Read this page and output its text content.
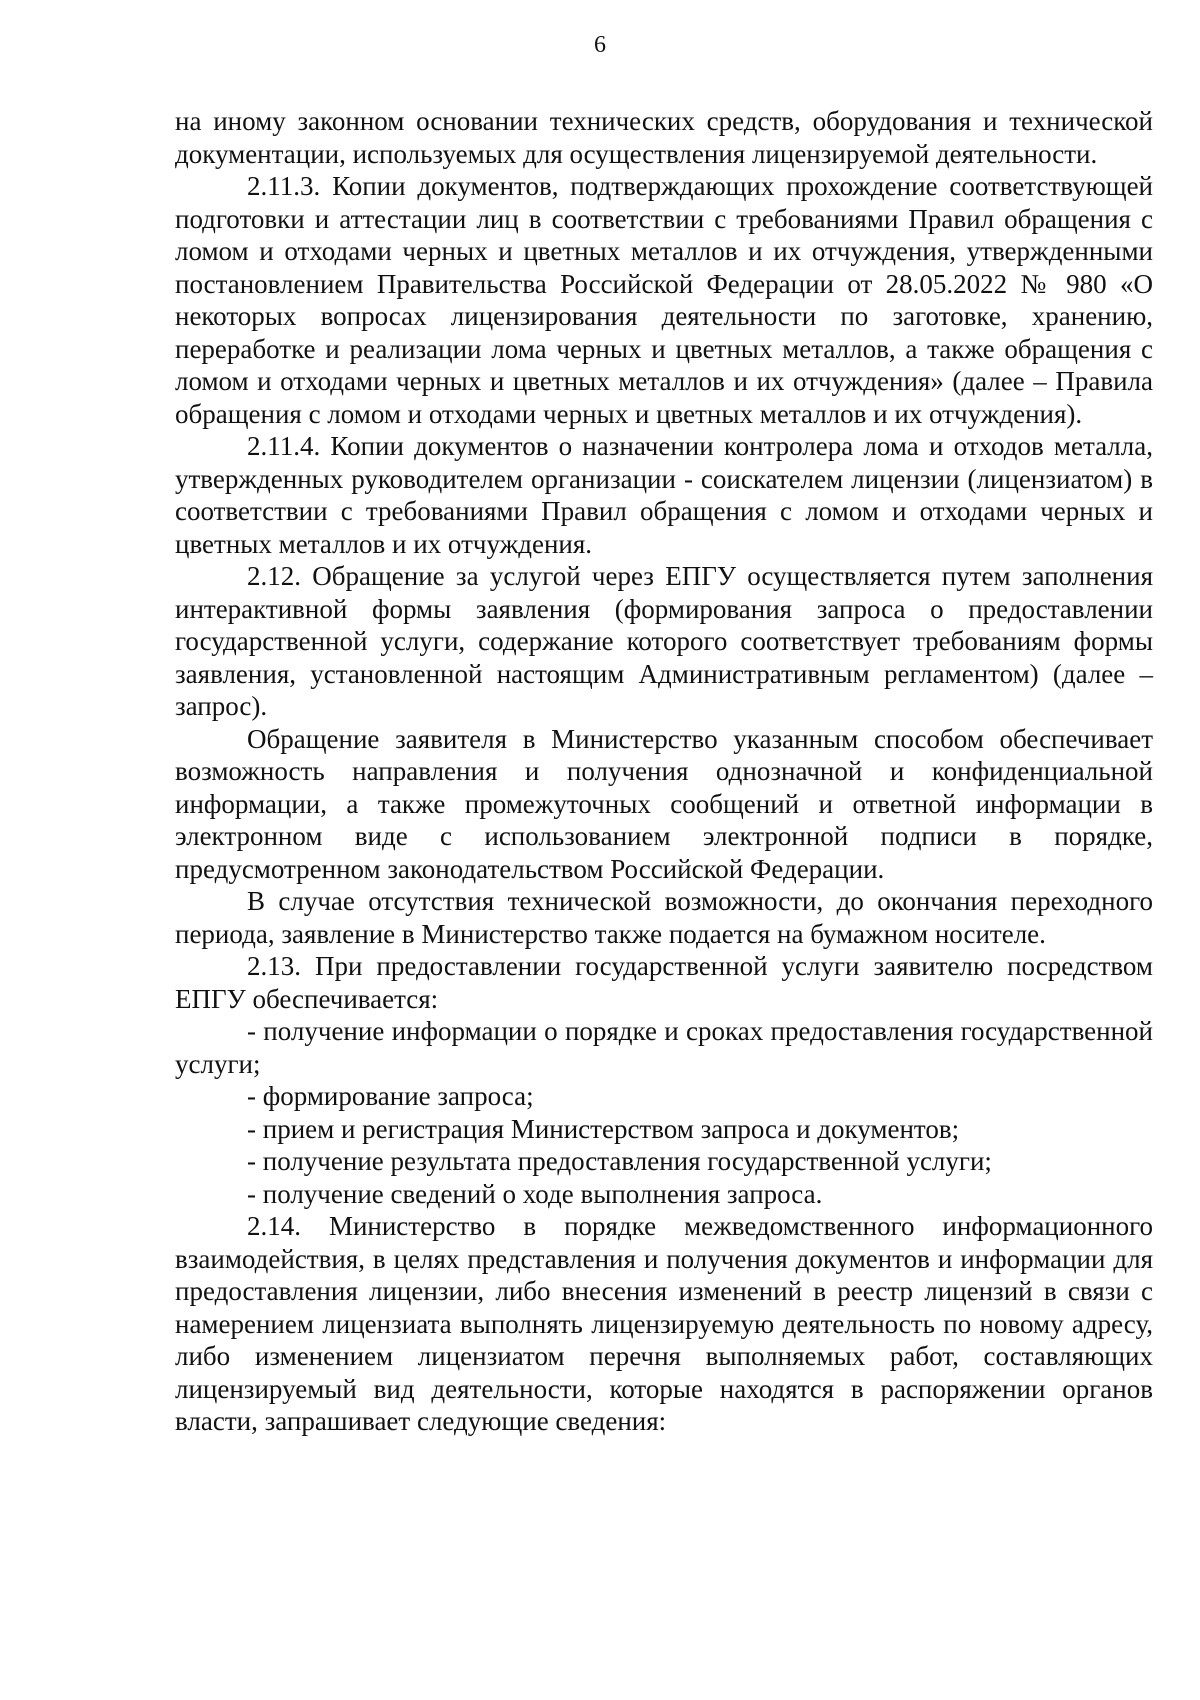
6

на иному законном основании технических средств, оборудования и технической документации, используемых для осуществления лицензируемой деятельности.

2.11.3. Копии документов, подтверждающих прохождение соответствующей подготовки и аттестации лиц в соответствии с требованиями Правил обращения с ломом и отходами черных и цветных металлов и их отчуждения, утвержденными постановлением Правительства Российской Федерации от 28.05.2022 № 980 «О некоторых вопросах лицензирования деятельности по заготовке, хранению, переработке и реализации лома черных и цветных металлов, а также обращения с ломом и отходами черных и цветных металлов и их отчуждения» (далее – Правила обращения с ломом и отходами черных и цветных металлов и их отчуждения).

2.11.4. Копии документов о назначении контролера лома и отходов металла, утвержденных руководителем организации - соискателем лицензии (лицензиатом) в соответствии с требованиями Правил обращения с ломом и отходами черных и цветных металлов и их отчуждения.

2.12. Обращение за услугой через ЕПГУ осуществляется путем заполнения интерактивной формы заявления (формирования запроса о предоставлении государственной услуги, содержание которого соответствует требованиям формы заявления, установленной настоящим Административным регламентом) (далее – запрос).

Обращение заявителя в Министерство указанным способом обеспечивает возможность направления и получения однозначной и конфиденциальной информации, а также промежуточных сообщений и ответной информации в электронном виде с использованием электронной подписи в порядке, предусмотренном законодательством Российской Федерации.

В случае отсутствия технической возможности, до окончания переходного периода, заявление в Министерство также подается на бумажном носителе.

2.13. При предоставлении государственной услуги заявителю посредством ЕПГУ обеспечивается:

- получение информации о порядке и сроках предоставления государственной услуги;

- формирование запроса;

- прием и регистрация Министерством запроса и документов;

- получение результата предоставления государственной услуги;

- получение сведений о ходе выполнения запроса.

2.14. Министерство в порядке межведомственного информационного взаимодействия, в целях представления и получения документов и информации для предоставления лицензии, либо внесения изменений в реестр лицензий в связи с намерением лицензиата выполнять лицензируемую деятельность по новому адресу, либо изменением лицензиатом перечня выполняемых работ, составляющих лицензируемый вид деятельности, которые находятся в распоряжении органов власти, запрашивает следующие сведения:
